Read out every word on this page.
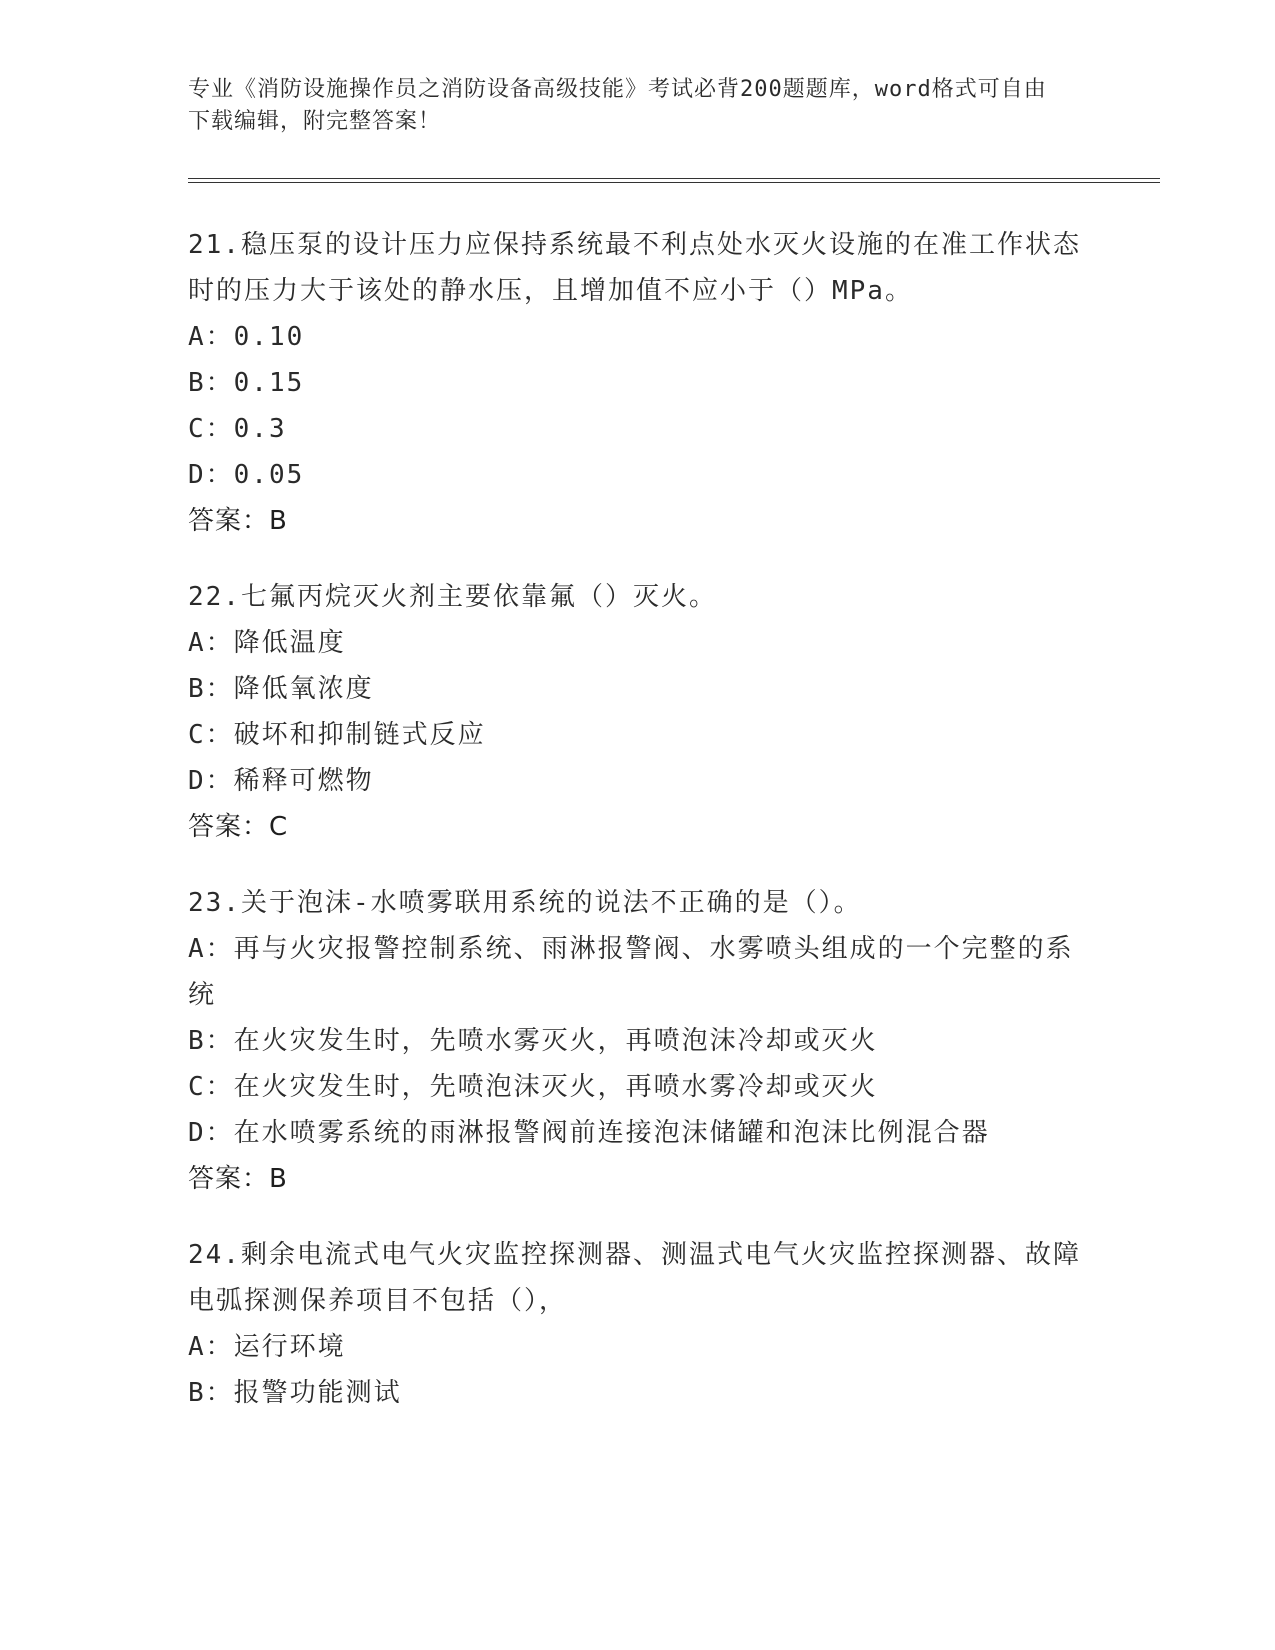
专业《消防设施操作员之消防设备高级技能》考试必背200题题库，word格式可自由下载编辑，附完整答案！

21.稳压泵的设计压力应保持系统最不利点处水灭火设施的在准工作状态时的压力大于该处的静水压，且增加值不应小于（）MPa。

A：0.10

B：0.15

C：0.3

D：0.05

答案：B

22.七氟丙烷灭火剂主要依靠氟（）灭火。

A：降低温度

B：降低氧浓度

C：破坏和抑制链式反应

D：稀释可燃物

答案：C

23.关于泡沫-水喷雾联用系统的说法不正确的是（）。

A：再与火灾报警控制系统、雨淋报警阀、水雾喷头组成的一个完整的系统

B：在火灾发生时，先喷水雾灭火，再喷泡沫冷却或灭火

C：在火灾发生时，先喷泡沫灭火，再喷水雾冷却或灭火

D：在水喷雾系统的雨淋报警阀前连接泡沫储罐和泡沫比例混合器

答案：B

24.剩余电流式电气火灾监控探测器、测温式电气火灾监控探测器、故障电弧探测保养项目不包括（），

A：运行环境

B：报警功能测试
